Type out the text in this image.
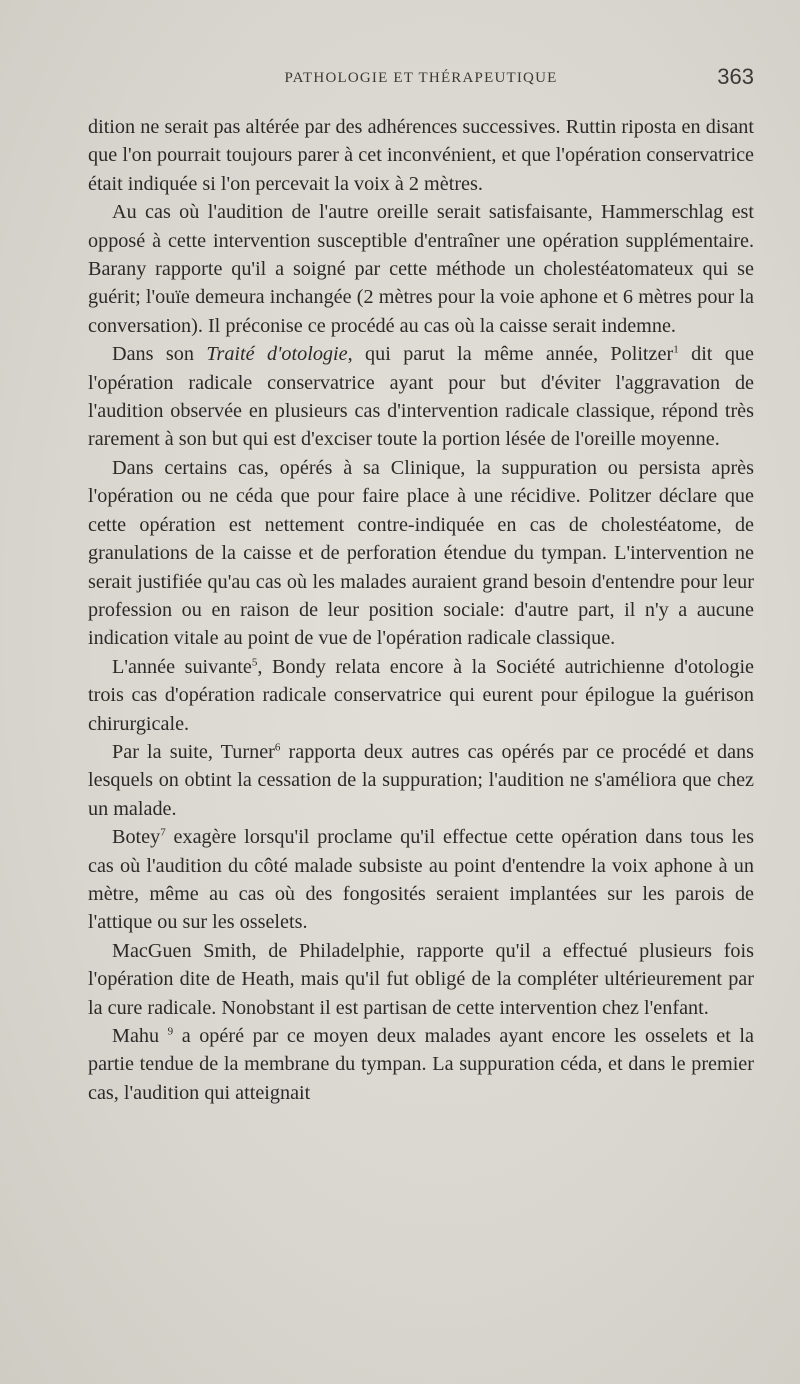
PATHOLOGIE ET THÉRAPEUTIQUE	363

dition ne serait pas altérée par des adhérences successives. Ruttin riposta en disant que l'on pourrait toujours parer à cet inconvénient, et que l'opération conservatrice était indiquée si l'on percevait la voix à 2 mètres.

Au cas où l'audition de l'autre oreille serait satisfaisante, Hammerschlag est opposé à cette intervention susceptible d'entraîner une opération supplémentaire. Barany rapporte qu'il a soigné par cette méthode un cholestéatomateux qui se guérit; l'ouïe demeura inchangée (2 mètres pour la voie aphone et 6 mètres pour la conversation). Il préconise ce procédé au cas où la caisse serait indemne.

Dans son Traité d'otologie, qui parut la même année, Politzer$^1$ dit que l'opération radicale conservatrice ayant pour but d'éviter l'aggravation de l'audition observée en plusieurs cas d'intervention radicale classique, répond très rarement à son but qui est d'exciser toute la portion lésée de l'oreille moyenne.

Dans certains cas, opérés à sa Clinique, la suppuration ou persista après l'opération ou ne céda que pour faire place à une récidive. Politzer déclare que cette opération est nettement contre-indiquée en cas de cholestéatome, de granulations de la caisse et de perforation étendue du tympan. L'intervention ne serait justifiée qu'au cas où les malades auraient grand besoin d'entendre pour leur profession ou en raison de leur position sociale: d'autre part, il n'y a aucune indication vitale au point de vue de l'opération radicale classique.

L'année suivante$^5$, Bondy relata encore à la Société autrichienne d'otologie trois cas d'opération radicale conservatrice qui eurent pour épilogue la guérison chirurgicale.

Par la suite, Turner$^6$ rapporta deux autres cas opérés par ce procédé et dans lesquels on obtint la cessation de la suppuration; l'audition ne s'améliora que chez un malade.

Botey$^7$ exagère lorsqu'il proclame qu'il effectue cette opération dans tous les cas où l'audition du côté malade subsiste au point d'entendre la voix aphone à un mètre, même au cas où des fongosités seraient implantées sur les parois de l'attique ou sur les osselets.

MacGuen Smith, de Philadelphie, rapporte qu'il a effectué plusieurs fois l'opération dite de Heath, mais qu'il fut obligé de la compléter ultérieurement par la cure radicale. Nonobstant il est partisan de cette intervention chez l'enfant.

Mahu $^9$ a opéré par ce moyen deux malades ayant encore les osselets et la partie tendue de la membrane du tympan. La suppuration céda, et dans le premier cas, l'audition qui atteignait
